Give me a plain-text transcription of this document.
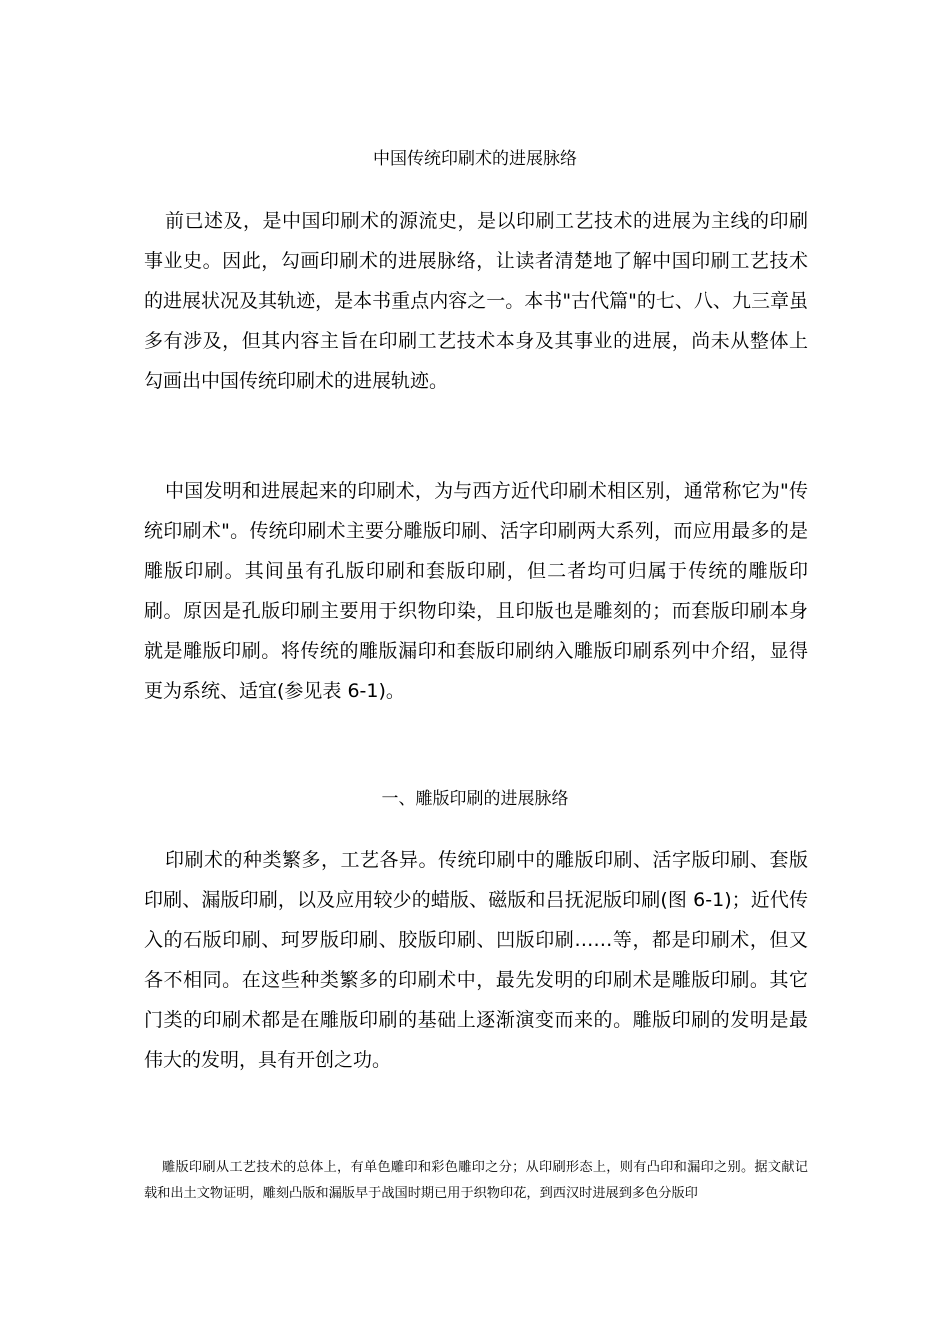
中国传统印刷术的进展脉络

前已述及，是中国印刷术的源流史，是以印刷工艺技术的进展为主线的印刷事业史。因此，勾画印刷术的进展脉络，让读者清楚地了解中国印刷工艺技术的进展状况及其轨迹，是本书重点内容之一。本书"古代篇"的七、八、九三章虽多有涉及，但其内容主旨在印刷工艺技术本身及其事业的进展，尚未从整体上勾画出中国传统印刷术的进展轨迹。

中国发明和进展起来的印刷术，为与西方近代印刷术相区别，通常称它为"传统印刷术"。传统印刷术主要分雕版印刷、活字印刷两大系列，而应用最多的是雕版印刷。其间虽有孔版印刷和套版印刷，但二者均可归属于传统的雕版印刷。原因是孔版印刷主要用于织物印染，且印版也是雕刻的；而套版印刷本身就是雕版印刷。将传统的雕版漏印和套版印刷纳入雕版印刷系列中介绍，显得更为系统、适宜(参见表 6-1)。

一、雕版印刷的进展脉络

印刷术的种类繁多，工艺各异。传统印刷中的雕版印刷、活字版印刷、套版印刷、漏版印刷，以及应用较少的蜡版、磁版和吕抚泥版印刷(图 6-1)；近代传入的石版印刷、珂罗版印刷、胶版印刷、凹版印刷……等，都是印刷术，但又各不相同。在这些种类繁多的印刷术中，最先发明的印刷术是雕版印刷。其它门类的印刷术都是在雕版印刷的基础上逐渐演变而来的。雕版印刷的发明是最伟大的发明，具有开创之功。

雕版印刷从工艺技术的总体上，有单色雕印和彩色雕印之分；从印刷形态上，则有凸印和漏印之别。据文献记载和出土文物证明，雕刻凸版和漏版早于战国时期已用于织物印花，到西汉时进展到多色分版印
